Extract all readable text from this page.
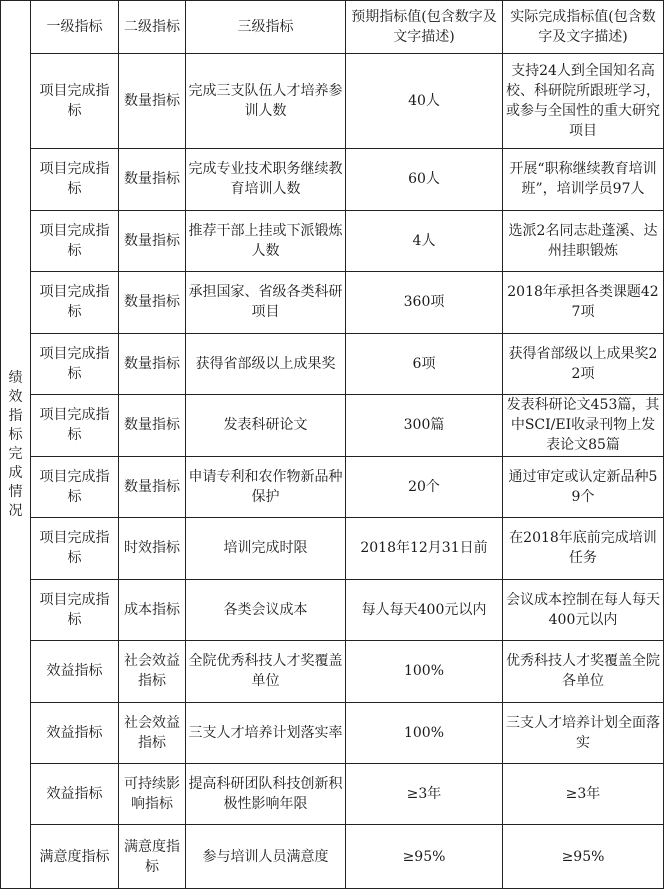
绩效指标完成情况	一级指标	二级指标	三级指标	预期指标值(包含数字及文字描述)	实际完成指标值(包含数字及文字描述)
	项目完成指标	数量指标	完成三支队伍人才培养参训人数	40人	支持24人到全国知名高校、科研院所跟班学习，或参与全国性的重大研究项目
	项目完成指标	数量指标	完成专业技术职务继续教育培训人数	60人	开展“职称继续教育培训班”，培训学员97人
	项目完成指标	数量指标	推荐干部上挂或下派锻炼人数	4人	选派2名同志赴蓬溪、达州挂职锻炼
	项目完成指标	数量指标	承担国家、省级各类科研项目	360项	2018年承担各类课题427项
	项目完成指标	数量指标	获得省部级以上成果奖	6项	获得省部级以上成果奖22项
	项目完成指标	数量指标	发表科研论文	300篇	发表科研论文453篇，其中SCI/EI收录刊物上发表论文85篇
	项目完成指标	数量指标	申请专利和农作物新品种保护	20个	通过审定或认定新品种59个
	项目完成指标	时效指标	培训完成时限	2018年12月31日前	在2018年底前完成培训任务
	项目完成指标	成本指标	各类会议成本	每人每天400元以内	会议成本控制在每人每天400元以内
	效益指标	社会效益指标	全院优秀科技人才奖覆盖单位	100%	优秀科技人才奖覆盖全院各单位
	效益指标	社会效益指标	三支人才培养计划落实率	100%	三支人才培养计划全面落实
	效益指标	可持续影响指标	提高科研团队科技创新积极性影响年限	≥3年	≥3年
	满意度指标	满意度指标	参与培训人员满意度	≥95%	≥95%
